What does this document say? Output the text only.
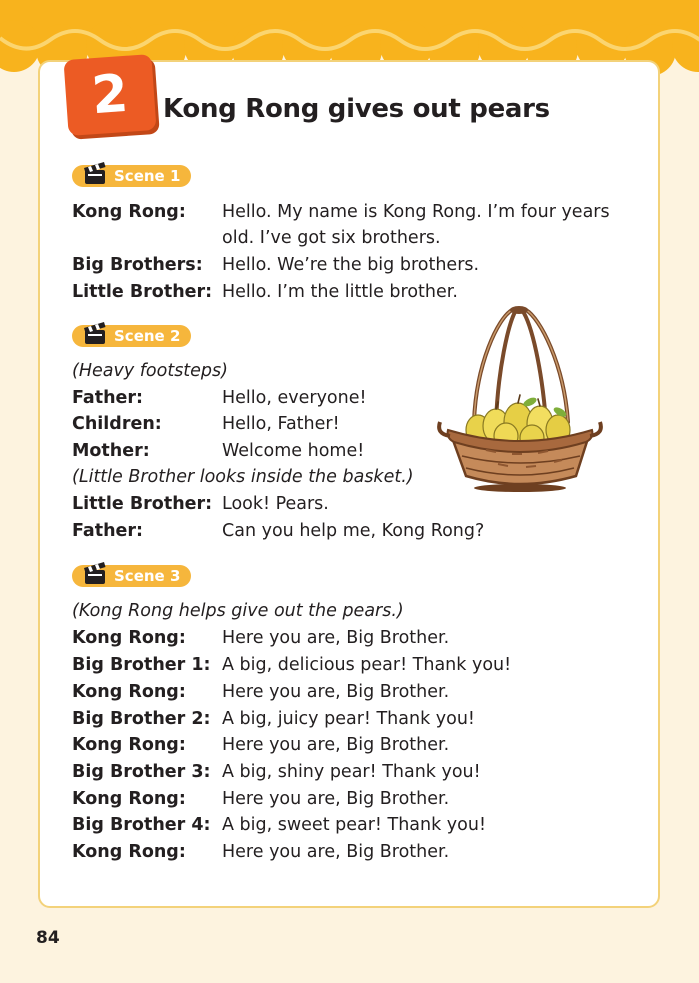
2 Kong Rong gives out pears
Scene 1
Kong Rong: Hello. My name is Kong Rong. I’m four years
old. I’ve got six brothers.
Big Brothers: Hello. We’re the big brothers.
Little Brother: Hello. I’m the little brother.
Scene 2
(Heavy footsteps)
Father:	Hello, everyone!
Children:	Hello, Father!
Mother:	Welcome home!
(Little Brother looks inside the basket.)
Little Brother: Look! Pears.
Father:	Can you help me, Kong Rong?
Scene 3
(Kong Rong helps give out the pears.)
Kong Rong: Here you are, Big Brother.
Big Brother 1: A big, delicious pear! Thank you!
Kong Rong: Here you are, Big Brother.
Big Brother 2: A big, juicy pear! Thank you!
Kong Rong: Here you are, Big Brother.
Big Brother 3: A big, shiny pear! Thank you!
Kong Rong: Here you are, Big Brother.
Big Brother 4: A big, sweet pear! Thank you!
Kong Rong: Here you are, Big Brother.
84
